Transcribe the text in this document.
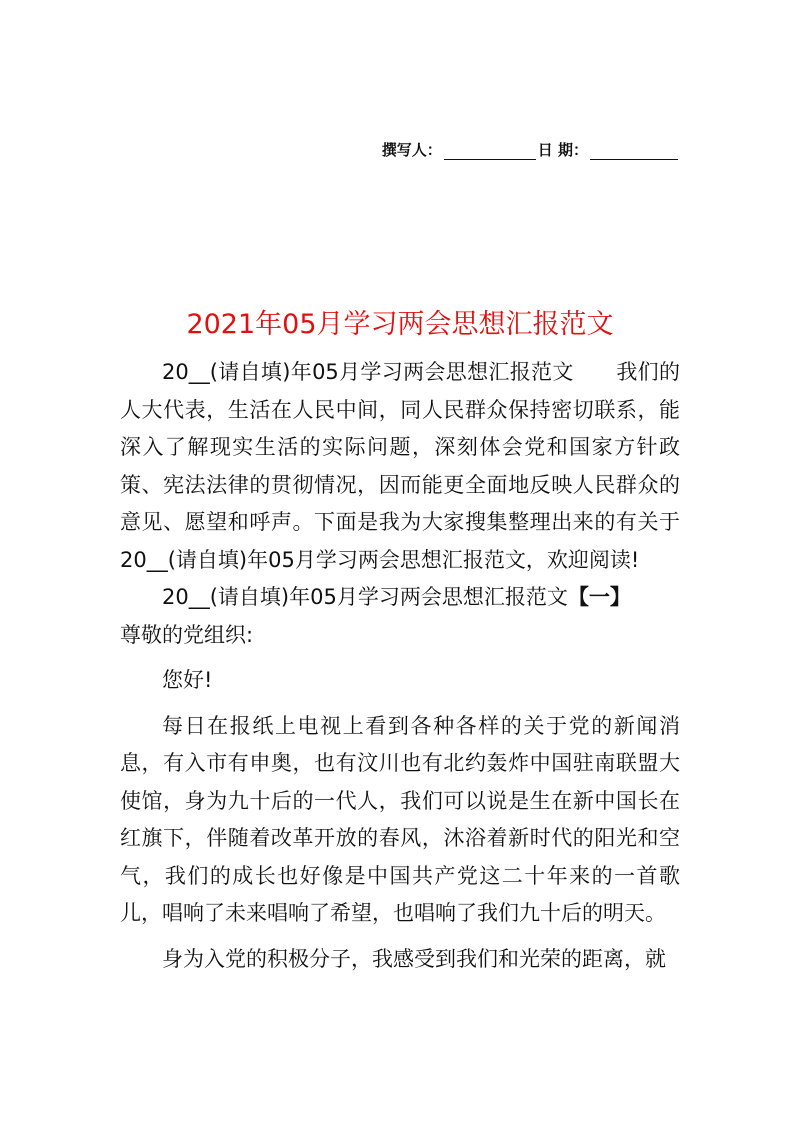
撰写人：	日 期：
2021年05月学习两会思想汇报范文

20__(请自填)年05月学习两会思想汇报范文　　我们的人大代表，生活在人民中间，同人民群众保持密切联系，能深入了解现实生活的实际问题，深刻体会党和国家方针政策、宪法法律的贯彻情况，因而能更全面地反映人民群众的意见、愿望和呼声。下面是我为大家搜集整理出来的有关于20__(请自填)年05月学习两会思想汇报范文，欢迎阅读!

20__(请自填)年05月学习两会思想汇报范文【一】

尊敬的党组织:

您好!

每日在报纸上电视上看到各种各样的关于党的新闻消息，有入市有申奥，也有汶川也有北约轰炸中国驻南联盟大使馆，身为九十后的一代人，我们可以说是生在新中国长在红旗下，伴随着改革开放的春风，沐浴着新时代的阳光和空气，我们的成长也好像是中国共产党这二十年来的一首歌儿，唱响了未来唱响了希望，也唱响了我们九十后的明天。

身为入党的积极分子，我感受到我们和光荣的距离，就
